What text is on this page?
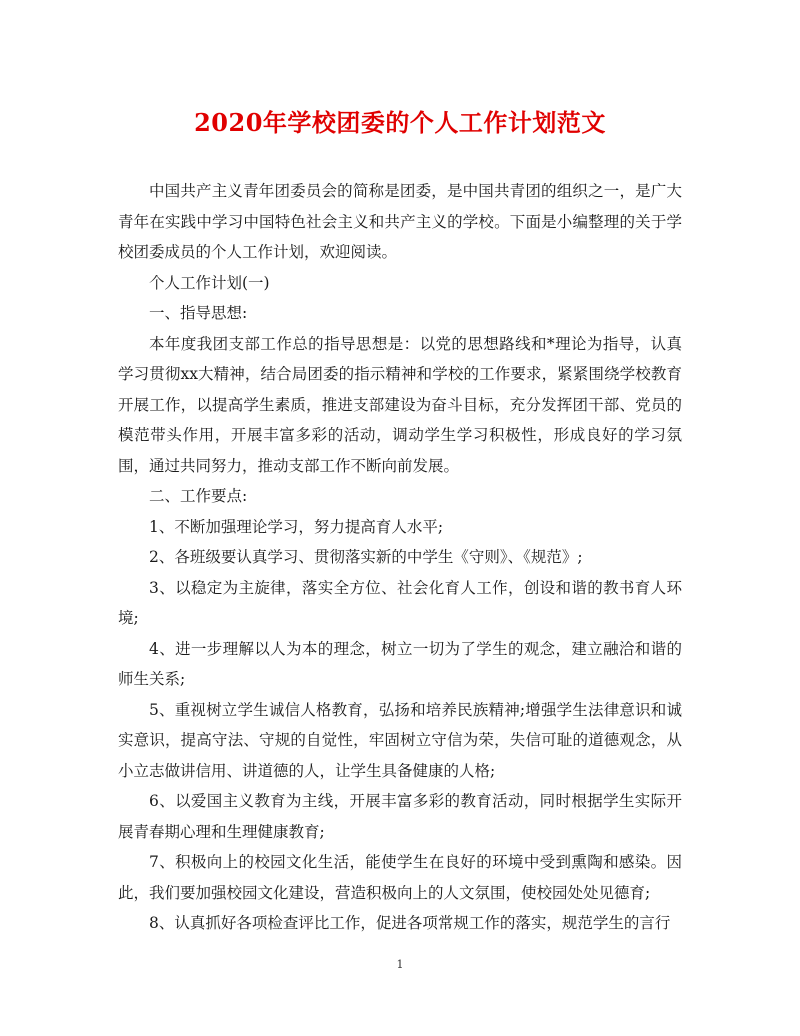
2020年学校团委的个人工作计划范文

中国共产主义青年团委员会的简称是团委，是中国共青团的组织之一，是广大青年在实践中学习中国特色社会主义和共产主义的学校。下面是小编整理的关于学校团委成员的个人工作计划，欢迎阅读。

个人工作计划(一)

一、指导思想:

本年度我团支部工作总的指导思想是：以党的思想路线和*理论为指导，认真学习贯彻xx大精神，结合局团委的指示精神和学校的工作要求，紧紧围绕学校教育开展工作，以提高学生素质，推进支部建设为奋斗目标，充分发挥团干部、党员的模范带头作用，开展丰富多彩的活动，调动学生学习积极性，形成良好的学习氛围，通过共同努力，推动支部工作不断向前发展。

二、工作要点:

1、不断加强理论学习，努力提高育人水平;

2、各班级要认真学习、贯彻落实新的中学生《守则》、《规范》;

3、以稳定为主旋律，落实全方位、社会化育人工作，创设和谐的教书育人环境;

4、进一步理解以人为本的理念，树立一切为了学生的观念，建立融洽和谐的师生关系;

5、重视树立学生诚信人格教育，弘扬和培养民族精神;增强学生法律意识和诚实意识，提高守法、守规的自觉性，牢固树立守信为荣，失信可耻的道德观念，从小立志做讲信用、讲道德的人，让学生具备健康的人格;

6、以爱国主义教育为主线，开展丰富多彩的教育活动，同时根据学生实际开展青春期心理和生理健康教育;

7、积极向上的校园文化生活，能使学生在良好的环境中受到熏陶和感染。因此，我们要加强校园文化建设，营造积极向上的人文氛围，使校园处处见德育;

8、认真抓好各项检查评比工作，促进各项常规工作的落实，规范学生的言行

1
